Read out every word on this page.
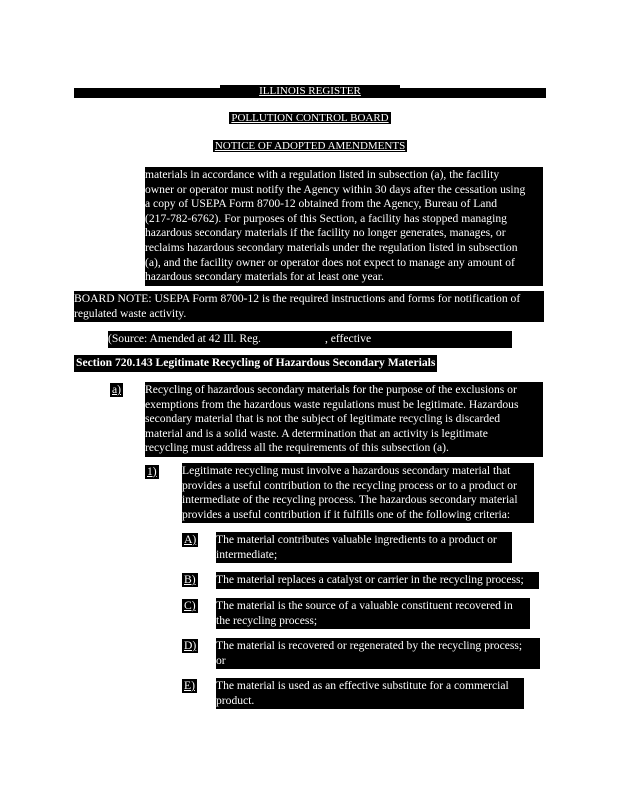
ILLINOIS REGISTER
POLLUTION CONTROL BOARD
NOTICE OF ADOPTED AMENDMENTS
materials in accordance with a regulation listed in subsection (a), the facility
owner or operator must notify the Agency within 30 days after the cessation using
a copy of USEPA Form 8700-12 obtained from the Agency, Bureau of Land
(217-782-6762). For purposes of this Section, a facility has stopped managing
hazardous secondary materials if the facility no longer generates, manages, or
reclaims hazardous secondary materials under the regulation listed in subsection
(a), and the facility owner or operator does not expect to manage any amount of
hazardous secondary materials for at least one year.
BOARD NOTE: USEPA Form 8700-12 is the required instructions and forms for notification of
regulated waste activity.
(Source: Amended at 42 Ill. Reg.	, effective	)
Section 720.143 Legitimate Recycling of Hazardous Secondary Materials
a) Recycling of hazardous secondary materials for the purpose of the exclusions or
exemptions from the hazardous waste regulations must be legitimate. Hazardous
secondary material that is not the subject of legitimate recycling is discarded
material and is a solid waste. A determination that an activity is legitimate
recycling must address all the requirements of this subsection (a).
1) Legitimate recycling must involve a hazardous secondary material that
provides a useful contribution to the recycling process or to a product or
intermediate of the recycling process. The hazardous secondary material
provides a useful contribution if it fulfills one of the following criteria:
A) The material contributes valuable ingredients to a product or
intermediate;
B) The material replaces a catalyst or carrier in the recycling process;
C) The material is the source of a valuable constituent recovered in
the recycling process;
D) The material is recovered or regenerated by the recycling process;
or
E) The material is used as an effective substitute for a commercial
product.
